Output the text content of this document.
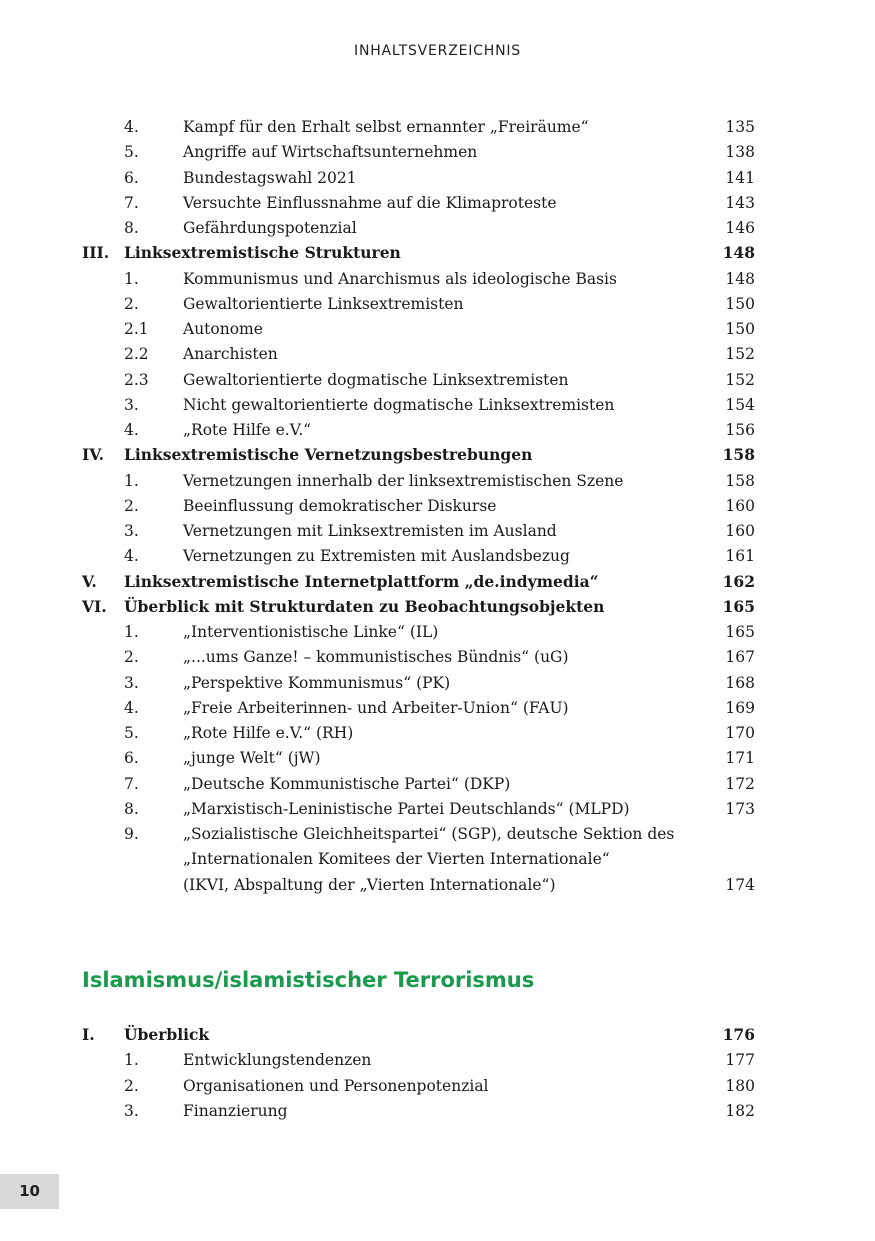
INHALTSVERZEICHNIS
4.	Kampf für den Erhalt selbst ernannter „Freiräume“	135
5.	Angriffe auf Wirtschaftsunternehmen	138
6.	Bundestagswahl 2021	141
7.	Versuchte Einflussnahme auf die Klimaproteste	143
8.	Gefährdungspotenzial	146
III. Linksextremistische Strukturen	148
1.	Kommunismus und Anarchismus als ideologische Basis	148
2.	Gewaltorientierte Linksextremisten	150
2.1 Autonome	150
2.2 Anarchisten	152
2.3 Gewaltorientierte dogmatische Linksextremisten	152
3.	Nicht gewaltorientierte dogmatische Linksextremisten	154
4.	„Rote Hilfe e.V.“	156
IV. Linksextremistische Vernetzungsbestrebungen	158
1.	Vernetzungen innerhalb der linksextremistischen Szene	158
2.	Beeinflussung demokratischer Diskurse	160
3.	Vernetzungen mit Linksextremisten im Ausland	160
4.	Vernetzungen zu Extremisten mit Auslandsbezug	161
V. Linksextremistische Internetplattform „de.indymedia“	162
VI. Überblick mit Strukturdaten zu Beobachtungsobjekten	165
1.	„Interventionistische Linke“ (IL)	165
2.	„...ums Ganze! – kommunistisches Bündnis“ (uG)	167
3.	„Perspektive Kommunismus“ (PK)	168
4.	„Freie Arbeiterinnen- und Arbeiter-Union“ (FAU)	169
5.	„Rote Hilfe e.V.“ (RH)	170
6.	„junge Welt“ (jW)	171
7.	„Deutsche Kommunistische Partei“ (DKP)	172
8.	„Marxistisch-Leninistische Partei Deutschlands“ (MLPD)	173
9.	„Sozialistische Gleichheitspartei“ (SGP), deutsche Sektion des
„Internationalen Komitees der Vierten Internationale“
(IKVI, Abspaltung der „Vierten Internationale“)	174
Islamismus/islamistischer Terrorismus
I. Überblick	176
1.	Entwicklungstendenzen	177
2.	Organisationen und Personenpotenzial	180
3.	Finanzierung	182
10
